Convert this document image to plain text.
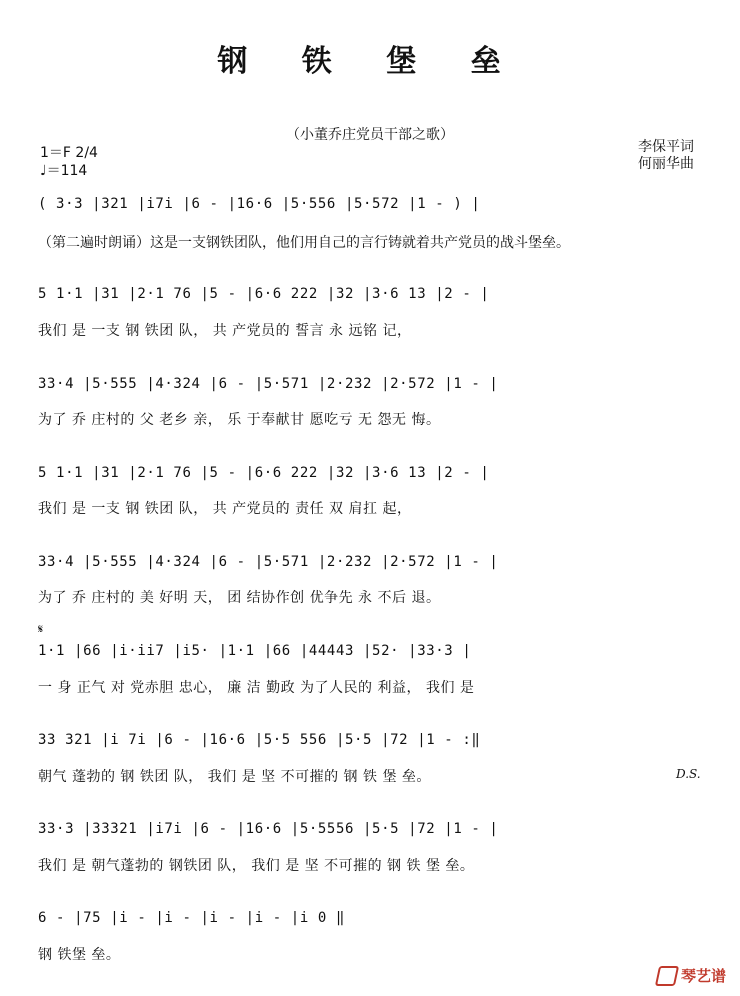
钢 铁 堡 垒
（小董乔庄党员干部之歌）
1＝F 2/4
♩＝114
李保平词
何丽华曲
( 3·3 |321 |i7i |6 - |16·6 |5·556 |5·572 |1 - ) |
（第二遍时朗诵）这是一支钢铁团队，他们用自己的言行铸就着共产党员的战斗堡垒。
5 1·1 |31 |2·1 76 |5 - |6·6 222 |32 |3·6 13 |2 - |
我们 是 一支 钢 铁团 队， 共 产党员的 誓言 永 远铭 记，
33·4 |5·555 |4·324 |6 - |5·571 |2·232 |2·572 |1 - |
为了 乔 庄村的 父 老乡 亲， 乐 于奉献甘 愿吃亏 无 怨无 悔。
5 1·1 |31 |2·1 76 |5 - |6·6 222 |32 |3·6 13 |2 - |
我们 是 一支 钢 铁团 队， 共 产党员的 责任 双 肩扛 起，
33·4 |5·555 |4·324 |6 - |5·571 |2·232 |2·572 |1 - |
为了 乔 庄村的 美 好明 天， 团 结协作创 优争先 永 不后 退。
𝄋
1·1 |66 |i·ii7 |i5· |1·1 |66 |44443 |52· |33·3 |
一 身 正气 对 党赤胆 忠心， 廉 洁 勤政 为了人民的 利益， 我们 是
33 321 |i 7i |6 - |16·6 |5·5 556 |5·5 |72 |1 - :‖
朝气 蓬勃的 钢 铁团 队， 我们 是 坚 不可摧的 钢 铁 堡 垒。	D.S.
33·3 |33321 |i7i |6 - |16·6 |5·5556 |5·5 |72 |1 - |
我们 是 朝气蓬勃的 钢铁团 队， 我们 是 坚 不可摧的 钢 铁 堡 垒。
6 - |75 |i - |i - |i - |i - |i 0 ‖
钢 铁堡 垒。
琴艺谱
